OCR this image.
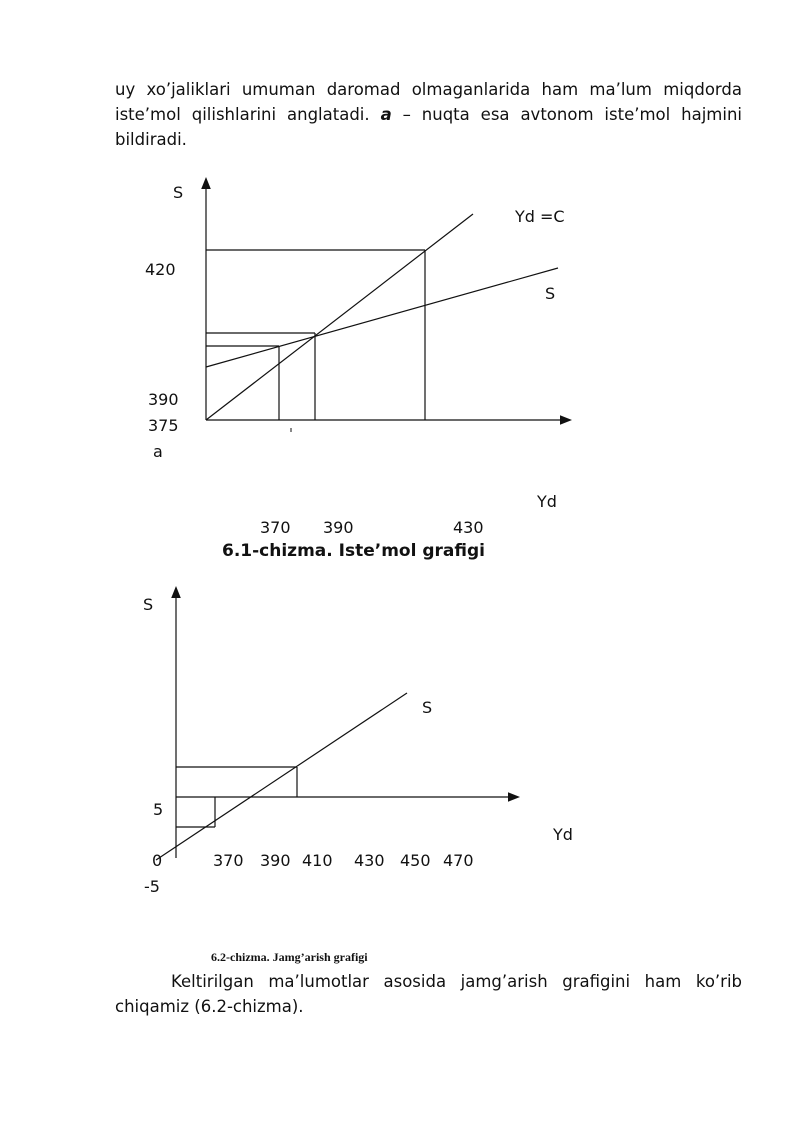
uy xo’jaliklari umuman daromad olmaganlarida ham ma’lum miqdorda iste’mol qilishlarini anglatadi. a – nuqta esa avtonom iste’mol hajmini bildiradi.

S
Yd =C
S
420
390
375
a
Yd
370 390	430
6.1-chizma. Iste’mol grafigi
S
S
5
Yd
0
-5
370 390 410 430 450 470
6.2-chizma. Jamg’arish grafigi

Keltirilgan ma’lumotlar asosida jamg’arish grafigini ham ko’rib chiqamiz (6.2-chizma).
